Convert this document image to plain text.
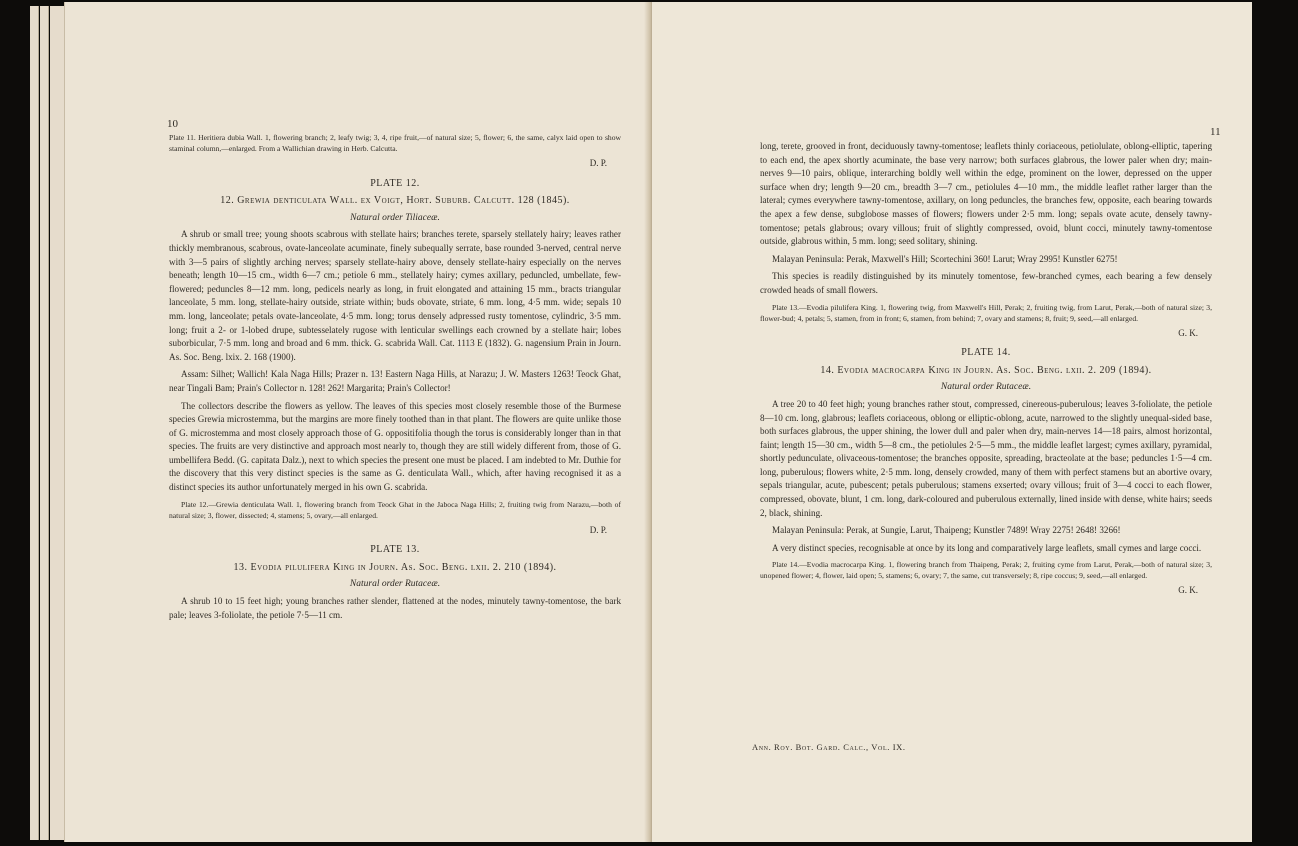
10

Plate 11. Heritiera dubia Wall. 1, flowering branch; 2, leafy twig; 3, 4, ripe fruit,—of natural size; 5, flower; 6, the same, calyx laid open to show staminal column,—enlarged. From a Wallichian drawing in Herb. Calcutta.

D. P.
PLATE 12.
12. Grewia denticulata Wall. ex Voigt, Hort. Suburb. Calcutt. 128 (1845).
Natural order Tiliaceæ.

A shrub or small tree; young shoots scabrous with stellate hairs; branches terete, sparsely stellately hairy; leaves rather thickly membranous, scabrous, ovate-lanceolate acuminate, finely subequally serrate, base rounded 3-nerved, central nerve with 3—5 pairs of slightly arching nerves; sparsely stellate-hairy above, densely stellate-hairy especially on the nerves beneath; length 10—15 cm., width 6—7 cm.; petiole 6 mm., stellately hairy; cymes axillary, peduncled, umbellate, few-flowered; peduncles 8—12 mm. long, pedicels nearly as long, in fruit elongated and attaining 15 mm., bracts triangular lanceolate, 5 mm. long, stellate-hairy outside, striate within; buds obovate, striate, 6 mm. long, 4·5 mm. wide; sepals 10 mm. long, lanceolate; petals ovate-lanceolate, 4·5 mm. long; torus densely adpressed rusty tomentose, cylindric, 3·5 mm. long; fruit a 2- or 1-lobed drupe, subtesselately rugose with lenticular swellings each crowned by a stellate hair; lobes suborbicular, 7·5 mm. long and broad and 6 mm. thick. G. scabrida Wall. Cat. 1113 E (1832). G. nagensium Prain in Journ. As. Soc. Beng. lxix. 2. 168 (1900).

Assam: Silhet; Wallich! Kala Naga Hills; Prazer n. 13! Eastern Naga Hills, at Narazu; J. W. Masters 1263! Teock Ghat, near Tingali Bam; Prain's Collector n. 128! 262! Margarita; Prain's Collector!

The collectors describe the flowers as yellow. The leaves of this species most closely resemble those of the Burmese species Grewia microstemma, but the margins are more finely toothed than in that plant. The flowers are quite unlike those of G. microstemma and most closely approach those of G. oppositifolia though the torus is considerably longer than in that species. The fruits are very distinctive and approach most nearly to, though they are still widely different from, those of G. umbellifera Bedd. (G. capitata Dalz.), next to which species the present one must be placed. I am indebted to Mr. Duthie for the discovery that this very distinct species is the same as G. denticulata Wall., which, after having recognised it as a distinct species its author unfortunately merged in his own G. scabrida.

Plate 12.—Grewia denticulata Wall. 1, flowering branch from Teock Ghat in the Jaboca Naga Hills; 2, fruiting twig from Narazu,—both of natural size; 3, flower, dissected; 4, stamens; 5, ovary,—all enlarged.

D. P.
PLATE 13.
13. Evodia pilulifera King in Journ. As. Soc. Beng. lxii. 2. 210 (1894).
Natural order Rutaceæ.

A shrub 10 to 15 feet high; young branches rather slender, flattened at the nodes, minutely tawny-tomentose, the bark pale; leaves 3-foliolate, the petiole 7·5—11 cm.

11

long, terete, grooved in front, deciduously tawny-tomentose; leaflets thinly coriaceous, petiolulate, oblong-elliptic, tapering to each end, the apex shortly acuminate, the base very narrow; both surfaces glabrous, the lower paler when dry; main-nerves 9—10 pairs, oblique, interarching boldly well within the edge, prominent on the lower, depressed on the upper surface when dry; length 9—20 cm., breadth 3—7 cm., petiolules 4—10 mm., the middle leaflet rather larger than the lateral; cymes everywhere tawny-tomentose, axillary, on long peduncles, the branches few, opposite, each bearing towards the apex a few dense, subglobose masses of flowers; flowers under 2·5 mm. long; sepals ovate acute, densely tawny-tomentose; petals glabrous; ovary villous; fruit of slightly compressed, ovoid, blunt cocci, minutely tawny-tomentose outside, glabrous within, 5 mm. long; seed solitary, shining.

Malayan Peninsula: Perak, Maxwell's Hill; Scortechini 360! Larut; Wray 2995! Kunstler 6275!

This species is readily distinguished by its minutely tomentose, few-branched cymes, each bearing a few densely crowded heads of small flowers.

Plate 13.—Evodia pilulifera King. 1, flowering twig, from Maxwell's Hill, Perak; 2, fruiting twig, from Larut, Perak,—both of natural size; 3, flower-bud; 4, petals; 5, stamen, from in front; 6, stamen, from behind; 7, ovary and stamens; 8, fruit; 9, seed,—all enlarged.

G. K.
PLATE 14.
14. Evodia macrocarpa King in Journ. As. Soc. Beng. lxii. 2. 209 (1894).
Natural order Rutaceæ.

A tree 20 to 40 feet high; young branches rather stout, compressed, cinereous-puberulous; leaves 3-foliolate, the petiole 8—10 cm. long, glabrous; leaflets coriaceous, oblong or elliptic-oblong, acute, narrowed to the slightly unequal-sided base, both surfaces glabrous, the upper shining, the lower dull and paler when dry, main-nerves 14—18 pairs, almost horizontal, faint; length 15—30 cm., width 5—8 cm., the petiolules 2·5—5 mm., the middle leaflet largest; cymes axillary, pyramidal, shortly pedunculate, olivaceous-tomentose; the branches opposite, spreading, bracteolate at the base; peduncles 1·5—4 cm. long, puberulous; flowers white, 2·5 mm. long, densely crowded, many of them with perfect stamens but an abortive ovary, sepals triangular, acute, pubescent; petals puberulous; stamens exserted; ovary villous; fruit of 3—4 cocci to each flower, compressed, obovate, blunt, 1 cm. long, dark-coloured and puberulous externally, lined inside with dense, white hairs; seeds 2, black, shining.

Malayan Peninsula: Perak, at Sungie, Larut, Thaipeng; Kunstler 7489! Wray 2275! 2648! 3266!

A very distinct species, recognisable at once by its long and comparatively large leaflets, small cymes and large cocci.

Plate 14.—Evodia macrocarpa King. 1, flowering branch from Thaipeng, Perak; 2, fruiting cyme from Larut, Perak,—both of natural size; 3, unopened flower; 4, flower, laid open; 5, stamens; 6, ovary; 7, the same, cut transversely; 8, ripe coccus; 9, seed,—all enlarged.

G. K.
Ann. Roy. Bot. Gard. Calc., Vol. IX.
